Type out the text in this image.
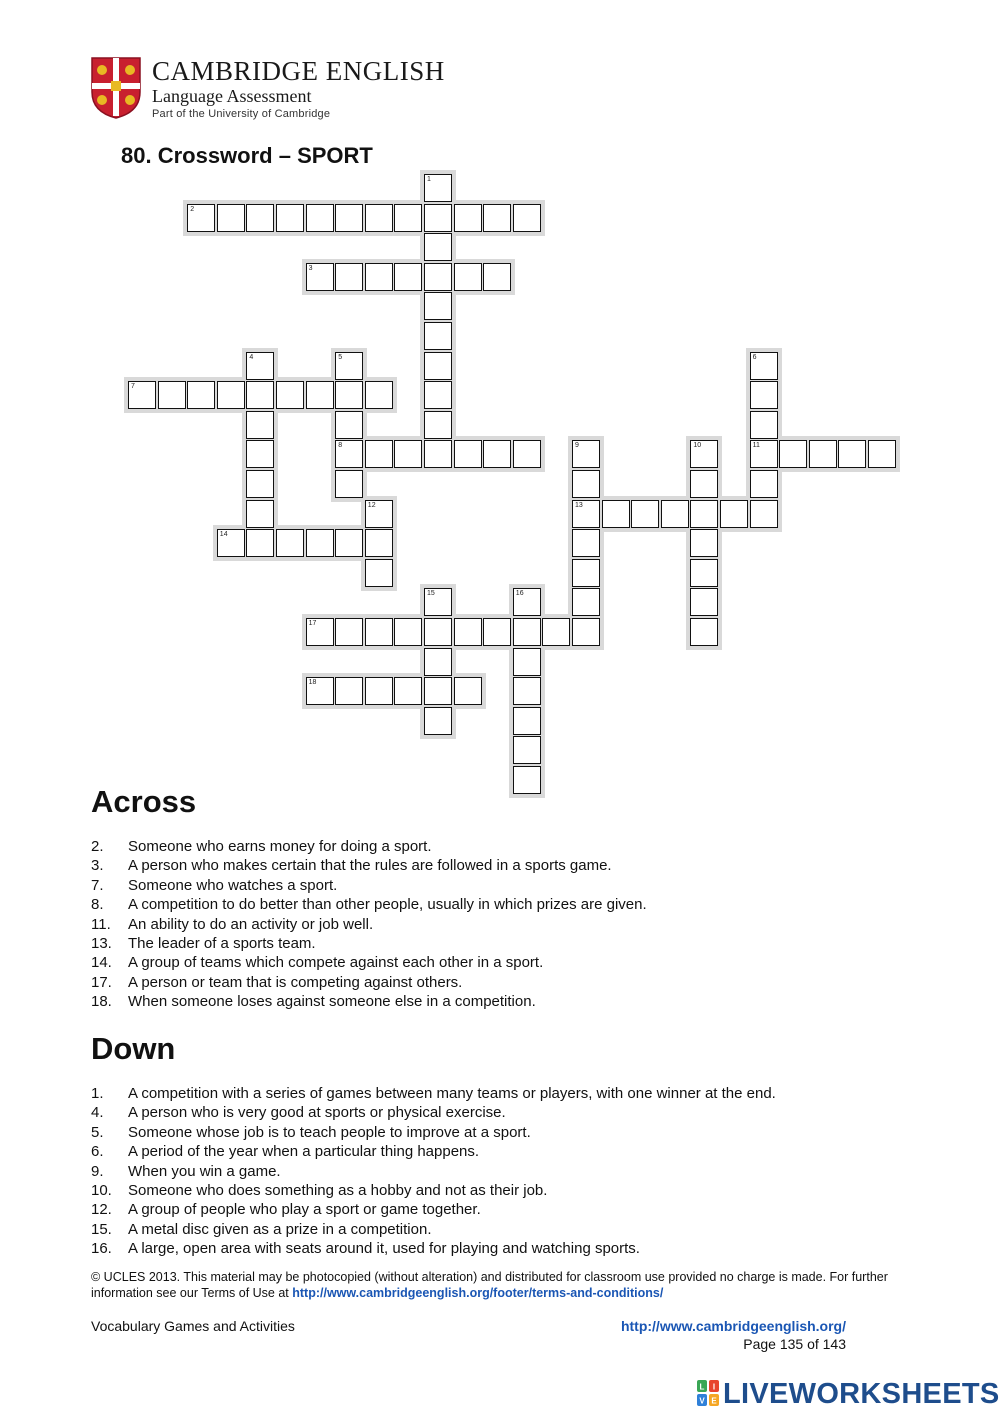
CAMBRIDGE ENGLISH
Language Assessment
Part of the University of Cambridge
80. Crossword – SPORT
1
2
3
4	5
8
6
11
7
9
13
10
12
14
15	16
17
18
Across
2. Someone who earns money for doing a sport.
3. A person who makes certain that the rules are followed in a sports game.
7. Someone who watches a sport.
8. A competition to do better than other people, usually in which prizes are given.
11. An ability to do an activity or job well.
13. The leader of a sports team.
14. A group of teams which compete against each other in a sport.
17. A person or team that is competing against others.
18. When someone loses against someone else in a competition.
Down
1. A competition with a series of games between many teams or players, with one winner at the end.
4. A person who is very good at sports or physical exercise.
5. Someone whose job is to teach people to improve at a sport.
6. A period of the year when a particular thing happens.
9. When you win a game.
10. Someone who does something as a hobby and not as their job.
12. A group of people who play a sport or game together.
15. A metal disc given as a prize in a competition.
16. A large, open area with seats around it, used for playing and watching sports.
© UCLES 2013. This material may be photocopied (without alteration) and distributed for classroom use provided no charge is made. For further information see our Terms of Use at http://www.cambridgeenglish.org/footer/terms-and-conditions/
Vocabulary Games and Activities	http://www.cambridgeenglish.org/
Page 135 of 143
L I
V E LIVEWORKSHEETS
